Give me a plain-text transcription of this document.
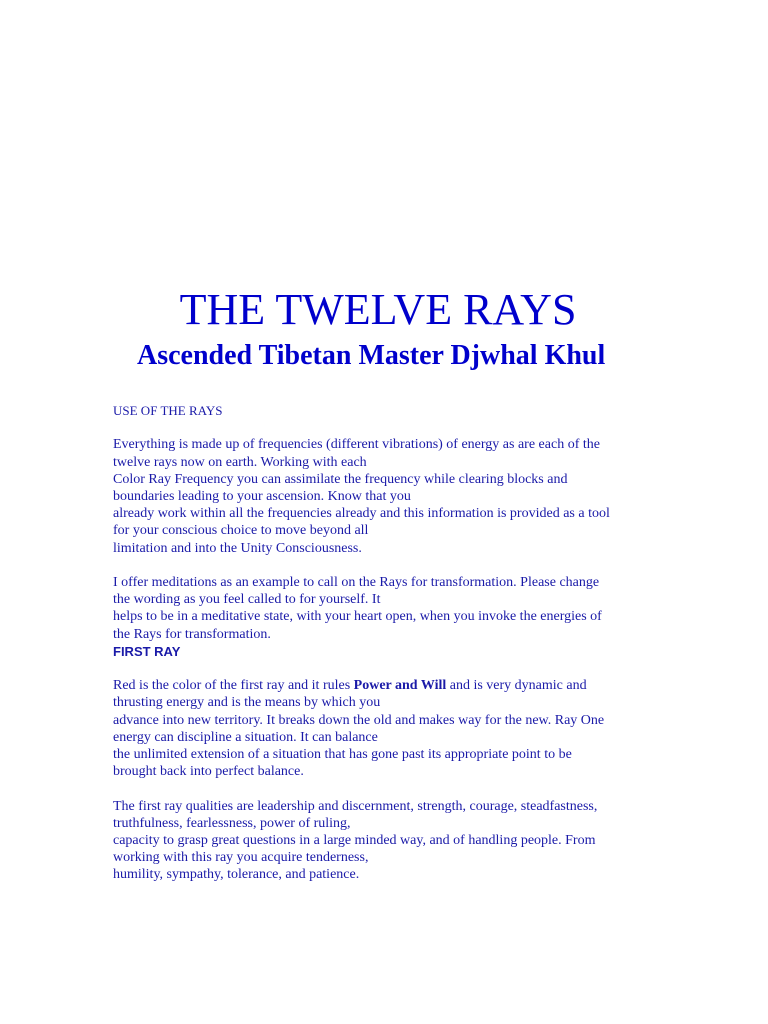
THE TWELVE RAYS
Ascended Tibetan Master Djwhal Khul

USE OF THE RAYS

Everything is made up of frequencies (different vibrations) of energy as are each of the
twelve rays now on earth. Working with each
Color Ray Frequency you can assimilate the frequency while clearing blocks and
boundaries leading to your ascension. Know that you
already work within all the frequencies already and this information is provided as a tool
for your conscious choice to move beyond all
limitation and into the Unity Consciousness.

I offer meditations as an example to call on the Rays for transformation. Please change
the wording as you feel called to for yourself. It
helps to be in a meditative state, with your heart open, when you invoke the energies of
the Rays for transformation.

FIRST RAY

Red is the color of the first ray and it rules Power and Will and is very dynamic and
thrusting energy and is the means by which you
advance into new territory. It breaks down the old and makes way for the new. Ray One
energy can discipline a situation. It can balance
the unlimited extension of a situation that has gone past its appropriate point to be
brought back into perfect balance.

The first ray qualities are leadership and discernment, strength, courage, steadfastness,
truthfulness, fearlessness, power of ruling,
capacity to grasp great questions in a large minded way, and of handling people. From
working with this ray you acquire tenderness,
humility, sympathy, tolerance, and patience.
